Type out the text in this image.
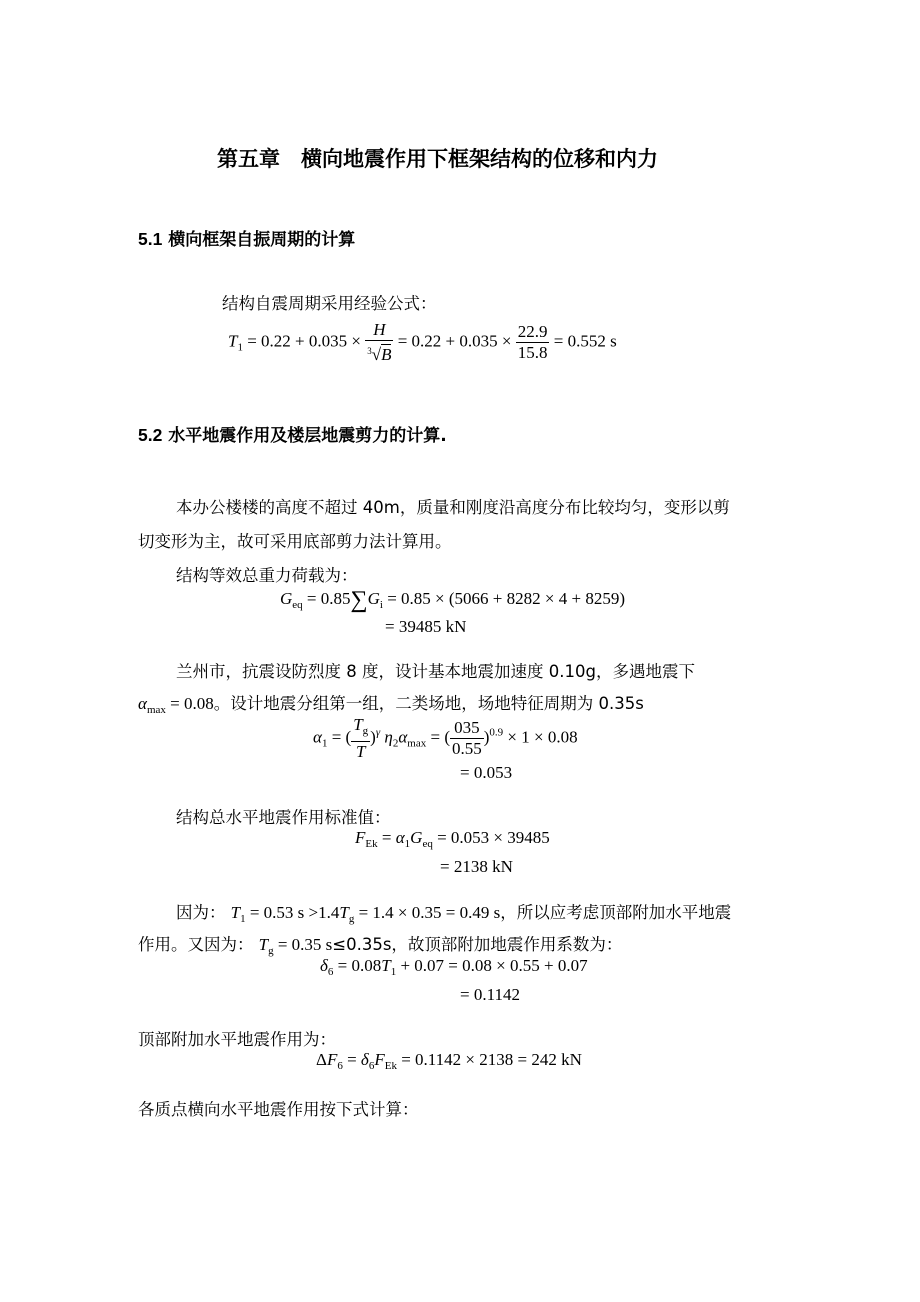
第五章　横向地震作用下框架结构的位移和内力
5.1 横向框架自振周期的计算
结构自震周期采用经验公式：
$T_1 = 0.22 + 0.035 \times \frac{H}{^3√B} = 0.22 + 0.035 \times \frac{22.9}{15.8} = 0.552$ s
5.2 水平地震作用及楼层地震剪力的计算.
本办公楼楼的高度不超过 40m，质量和刚度沿高度分布比较均匀，变形以剪
切变形为主，故可采用底部剪力法计算用。
结构等效总重力荷载为：
$G_{eq} = 0.85\sum G_i = 0.85 \times (5066 + 8282 \times 4 + 8259)$
= 39485 kN
兰州市，抗震设防烈度 8 度，设计基本地震加速度 0.10g，多遇地震下
$\alpha_{max} = 0.08$。设计地震分组第一组，二类场地，场地特征周期为 0.35s
$\alpha_1$ = ( $\frac{T_g}{T} )^\gamma$ $\eta_2\alpha_{max}$ = ( $\frac{035}{0.55} )^{0.9} \times 1 \times 0.08$
= 0.053
结构总水平地震作用标准值：
$F_{Ek} = \alpha_1G_{eq} = 0.053 \times 39485$
= 2138 kN
因为： $T_1 = 0.53$ $s >1.4T_g = 1.4 \times 0.35 = 0.49$ s，所以应考虑顶部附加水平地震
作用。又因为： $T_g = 0.35$ s≤0.35s，故顶部附加地震作用系数为：
$\delta_6 = 0.08T_1 + 0.07 = 0.08 \times 0.55 + 0.07$
= 0.1142
顶部附加水平地震作用为：
$\Delta F_6 = \delta_6F_{Ek} = 0.1142 \times 2138 = 242$ kN
各质点横向水平地震作用按下式计算：
